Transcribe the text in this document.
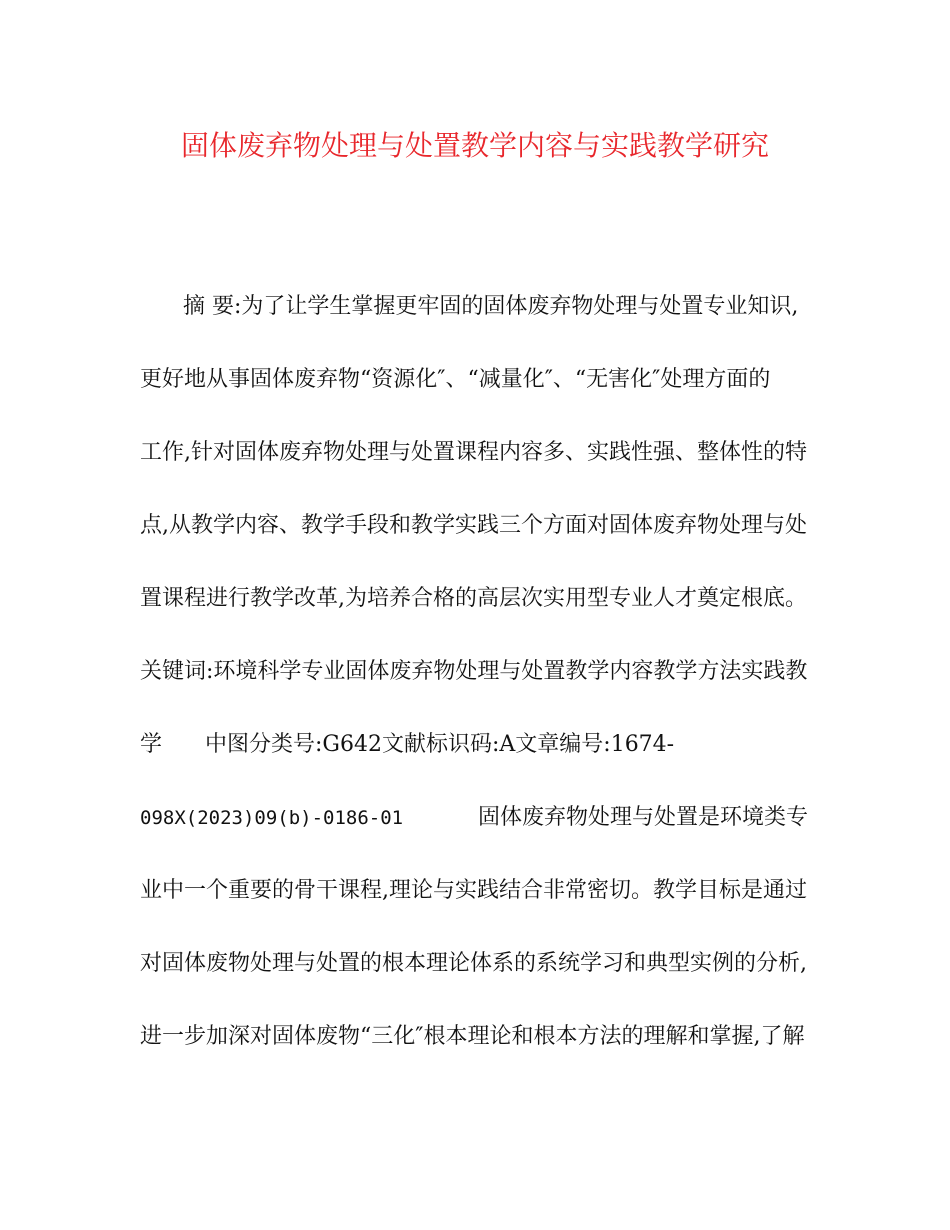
固体废弃物处理与处置教学内容与实践教学研究
摘 要:为了让学生掌握更牢固的固体废弃物处理与处置专业知识,
更好地从事固体废弃物“资源化″、“减量化″、“无害化″处理方面的
工作,针对固体废弃物处理与处置课程内容多、实践性强、整体性的特
点,从教学内容、教学手段和教学实践三个方面对固体废弃物处理与处
置课程进行教学改革,为培养合格的高层次实用型专业人才奠定根底。
关键词:环境科学专业固体废弃物处理与处置教学内容教学方法实践教
学 中图分类号:G642文献标识码:A文章编号:1674-
098X(2023)09(b)-0186-01	固体废弃物处理与处置是环境类专
业中一个重要的骨干课程,理论与实践结合非常密切。教学目标是通过
对固体废物处理与处置的根本理论体系的系统学习和典型实例的分析,
进一步加深对固体废物“三化″根本理论和根本方法的理解和掌握,了解
